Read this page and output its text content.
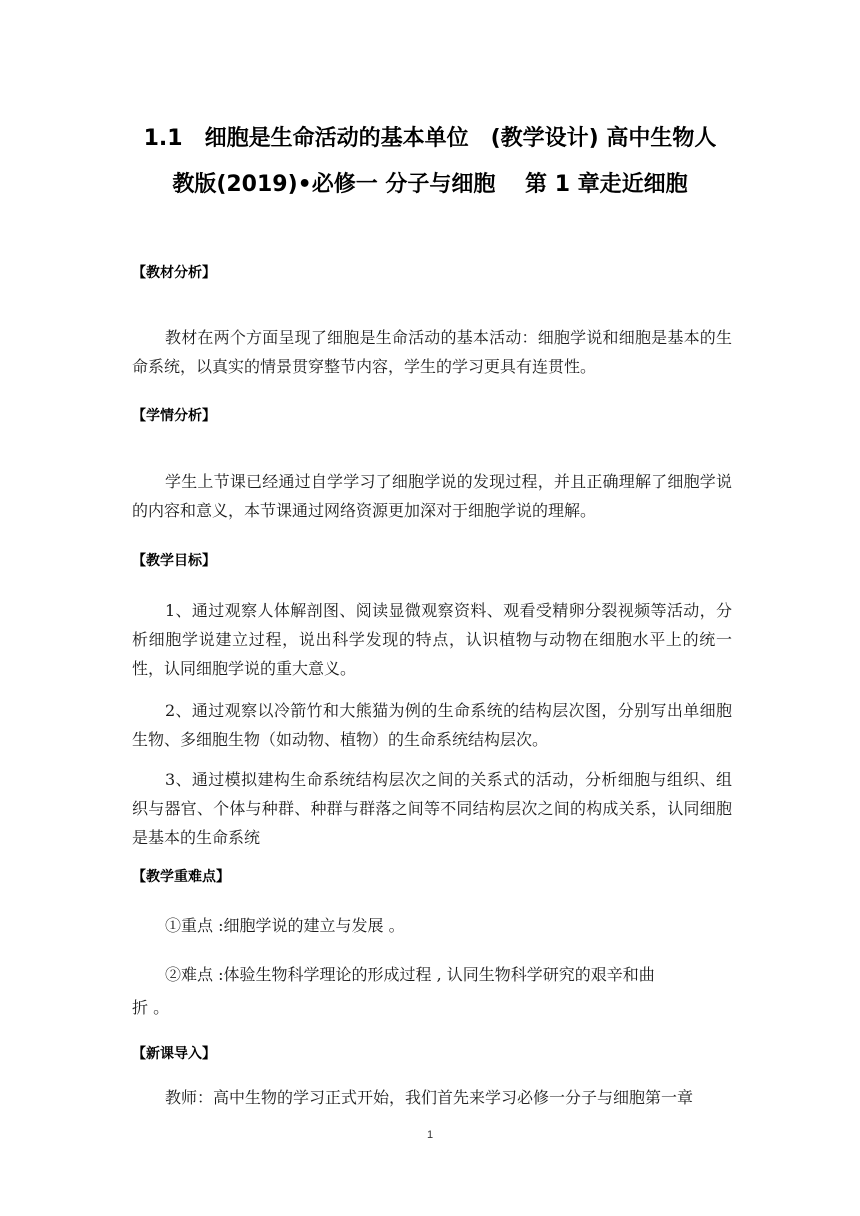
1.1　细胞是生命活动的基本单位　(教学设计) 高中生物人
教版(2019)•必修一 分子与细胞　 第 1 章走近细胞
【教材分析】
教材在两个方面呈现了细胞是生命活动的基本活动：细胞学说和细胞是基本的生命系统，以真实的情景贯穿整节内容，学生的学习更具有连贯性。
【学情分析】
学生上节课已经通过自学学习了细胞学说的发现过程，并且正确理解了细胞学说的内容和意义，本节课通过网络资源更加深对于细胞学说的理解。
【教学目标】
1、通过观察人体解剖图、阅读显微观察资料、观看受精卵分裂视频等活动，分析细胞学说建立过程，说出科学发现的特点，认识植物与动物在细胞水平上的统一性，认同细胞学说的重大意义。
2、通过观察以冷箭竹和大熊猫为例的生命系统的结构层次图，分别写出单细胞生物、多细胞生物（如动物、植物）的生命系统结构层次。
3、通过模拟建构生命系统结构层次之间的关系式的活动，分析细胞与组织、组织与器官、个体与种群、种群与群落之间等不同结构层次之间的构成关系，认同细胞是基本的生命系统
【教学重难点】
①重点 :细胞学说的建立与发展 。
②难点 :体验生物科学理论的形成过程 , 认同生物科学研究的艰辛和曲
折 。
【新课导入】
教师：高中生物的学习正式开始，我们首先来学习必修一分子与细胞第一章
1
